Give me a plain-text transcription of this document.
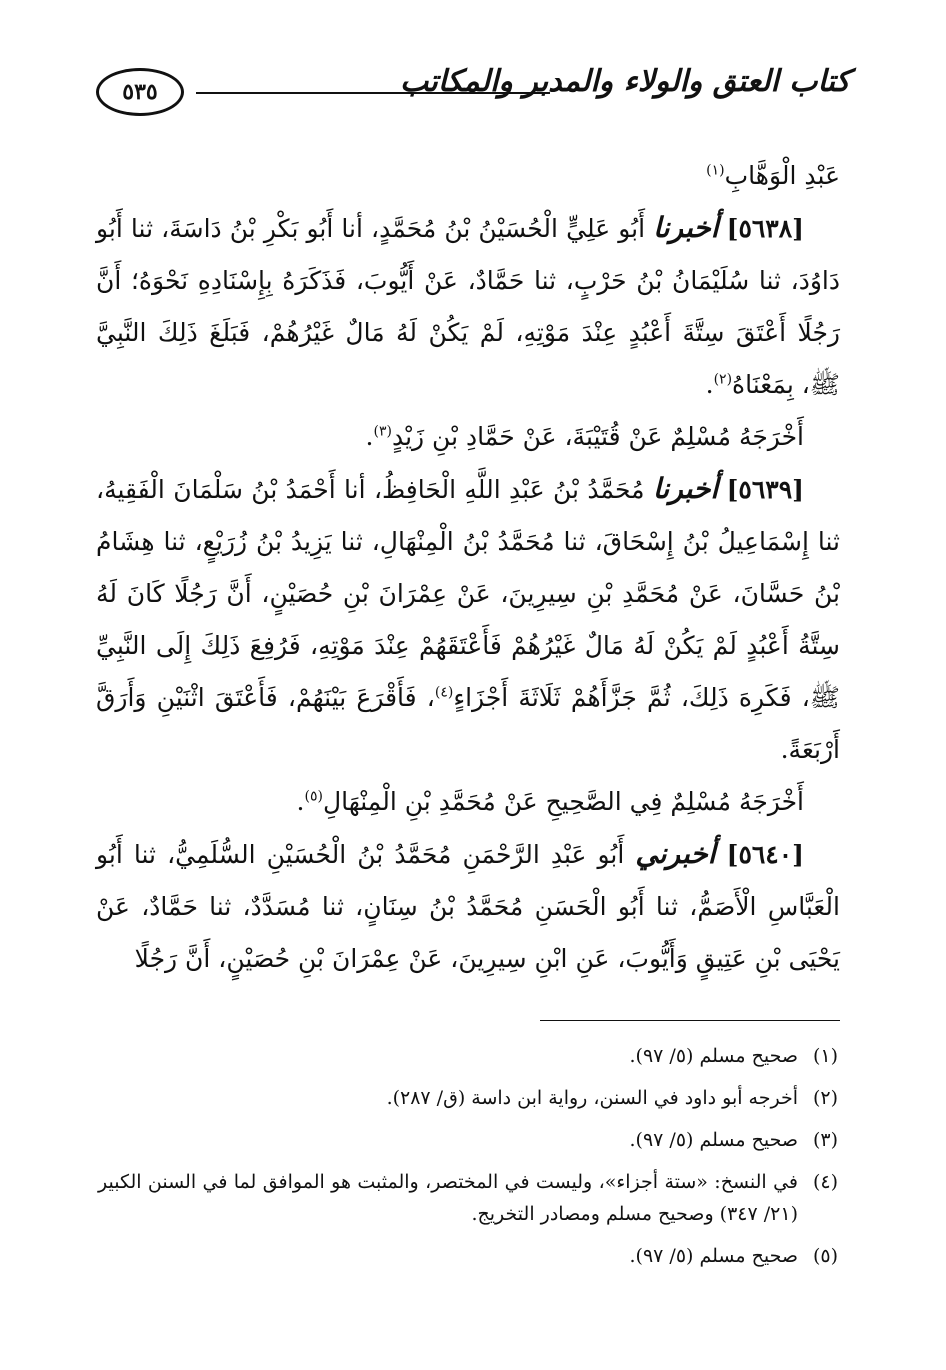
كتاب العتق والولاء والمدبر والمكاتب
٥٣٥

عَبْدِ الْوَهَّابِ$^{(١)}$

[٥٦٣٨] أخبرنا أَبُو عَلِيٍّ الْحُسَيْنُ بْنُ مُحَمَّدٍ، أنا أَبُو بَكْرِ بْنُ دَاسَةَ، ثنا أَبُو دَاوُدَ، ثنا سُلَيْمَانُ بْنُ حَرْبٍ، ثنا حَمَّادٌ، عَنْ أَيُّوبَ، فَذَكَرَهُ بِإِسْنَادِهِ نَحْوَهُ؛ أَنَّ رَجُلًا أَعْتَقَ سِتَّةَ أَعْبُدٍ عِنْدَ مَوْتِهِ، لَمْ يَكُنْ لَهُ مَالٌ غَيْرُهُمْ، فَبَلَغَ ذَلِكَ النَّبِيَّ ﷺ، بِمَعْنَاهُ$^{(٢)}$.

أَخْرَجَهُ مُسْلِمٌ عَنْ قُتَيْبَةَ، عَنْ حَمَّادِ بْنِ زَيْدٍ$^{(٣)}$.

[٥٦٣٩] أخبرنا مُحَمَّدُ بْنُ عَبْدِ اللَّهِ الْحَافِظُ، أنا أَحْمَدُ بْنُ سَلْمَانَ الْفَقِيهُ، ثنا إِسْمَاعِيلُ بْنُ إِسْحَاقَ، ثنا مُحَمَّدُ بْنُ الْمِنْهَالِ، ثنا يَزِيدُ بْنُ زُرَيْعٍ، ثنا هِشَامُ بْنُ حَسَّانَ، عَنْ مُحَمَّدِ بْنِ سِيرِينَ، عَنْ عِمْرَانَ بْنِ حُصَيْنٍ، أَنَّ رَجُلًا كَانَ لَهُ سِتَّةُ أَعْبُدٍ لَمْ يَكُنْ لَهُ مَالٌ غَيْرُهُمْ فَأَعْتَقَهُمْ عِنْدَ مَوْتِهِ، فَرُفِعَ ذَلِكَ إِلَى النَّبِيِّ ﷺ، فَكَرِهَ ذَلِكَ، ثُمَّ جَزَّأَهُمْ ثَلَاثَةَ أَجْزَاءٍ$^{(٤)}$، فَأَقْرَعَ بَيْنَهُمْ، فَأَعْتَقَ اثْنَيْنِ وَأَرَقَّ أَرْبَعَةً.

أَخْرَجَهُ مُسْلِمٌ فِي الصَّحِيحِ عَنْ مُحَمَّدِ بْنِ الْمِنْهَالِ$^{(٥)}$.

[٥٦٤٠] أخبرني أَبُو عَبْدِ الرَّحْمَنِ مُحَمَّدُ بْنُ الْحُسَيْنِ السُّلَمِيُّ، ثنا أَبُو الْعَبَّاسِ الْأَصَمُّ، ثنا أَبُو الْحَسَنِ مُحَمَّدُ بْنُ سِنَانٍ، ثنا مُسَدَّدٌ، ثنا حَمَّادٌ، عَنْ يَحْيَى بْنِ عَتِيقٍ وَأَيُّوبَ، عَنِ ابْنِ سِيرِينَ، عَنْ عِمْرَانَ بْنِ حُصَيْنٍ، أَنَّ رَجُلًا

(١)
صحيح مسلم (٥/ ٩٧).
(٢)
أخرجه أبو داود في السنن، رواية ابن داسة (ق/ ٢٨٧).
(٣)
صحيح مسلم (٥/ ٩٧).
(٤)
في النسخ: «ستة أجزاء»، وليست في المختصر، والمثبت هو الموافق لما في السنن الكبير (٢١/ ٣٤٧) وصحيح مسلم ومصادر التخريج.
(٥)
صحيح مسلم (٥/ ٩٧).
